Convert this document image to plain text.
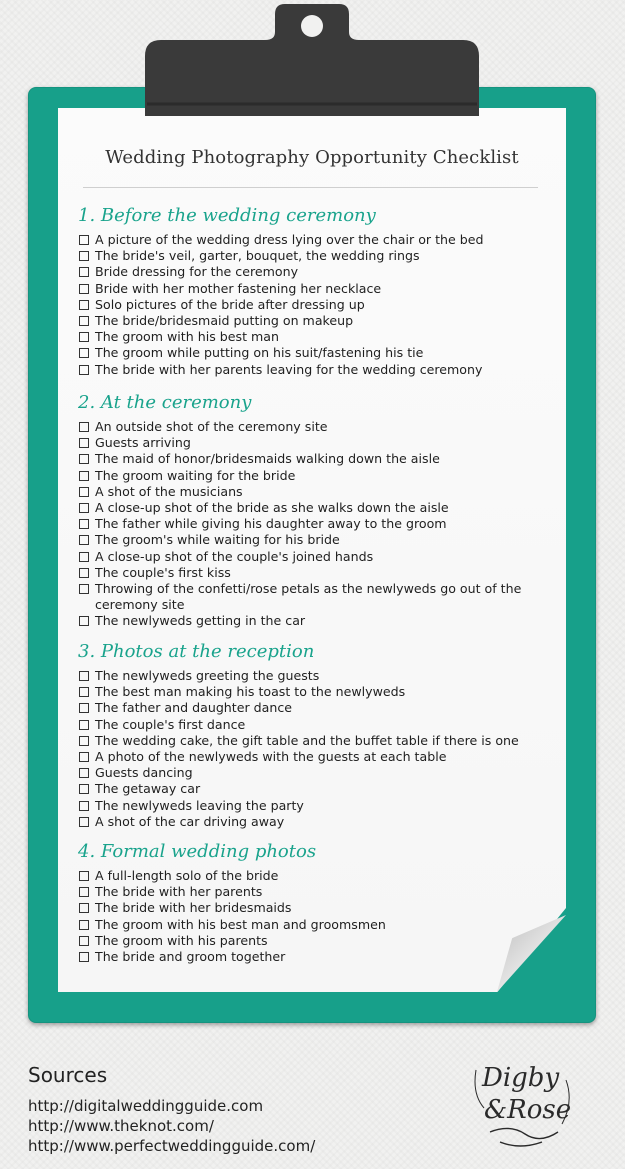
Wedding Photography Opportunity Checklist
1. Before the wedding ceremony
A picture of the wedding dress lying over the chair or the bed
The bride's veil, garter, bouquet, the wedding rings
Bride dressing for the ceremony
Bride with her mother fastening her necklace
Solo pictures of the bride after dressing up
The bride/bridesmaid putting on makeup
The groom with his best man
The groom while putting on his suit/fastening his tie
The bride with her parents leaving for the wedding ceremony
2. At the ceremony
An outside shot of the ceremony site
Guests arriving
The maid of honor/bridesmaids walking down the aisle
The groom waiting for the bride
A shot of the musicians
A close-up shot of the bride as she walks down the aisle
The father while giving his daughter away to the groom
The groom's while waiting for his bride
A close-up shot of the couple's joined hands
The couple's first kiss
Throwing of the confetti/rose petals as the newlyweds go out of the ceremony site
The newlyweds getting in the car
3. Photos at the reception
The newlyweds greeting the guests
The best man making his toast to the newlyweds
The father and daughter dance
The couple's first dance
The wedding cake, the gift table and the buffet table if there is one
A photo of the newlyweds with the guests at each table
Guests dancing
The getaway car
The newlyweds leaving the party
A shot of the car driving away
4. Formal wedding photos
A full-length solo of the bride
The bride with her parents
The bride with her bridesmaids
The groom with his best man and groomsmen
The groom with his parents
The bride and groom together
Sources
http://digitalweddingguide.com
http://www.theknot.com/
http://www.perfectweddingguide.com/
Digby
&Rose
